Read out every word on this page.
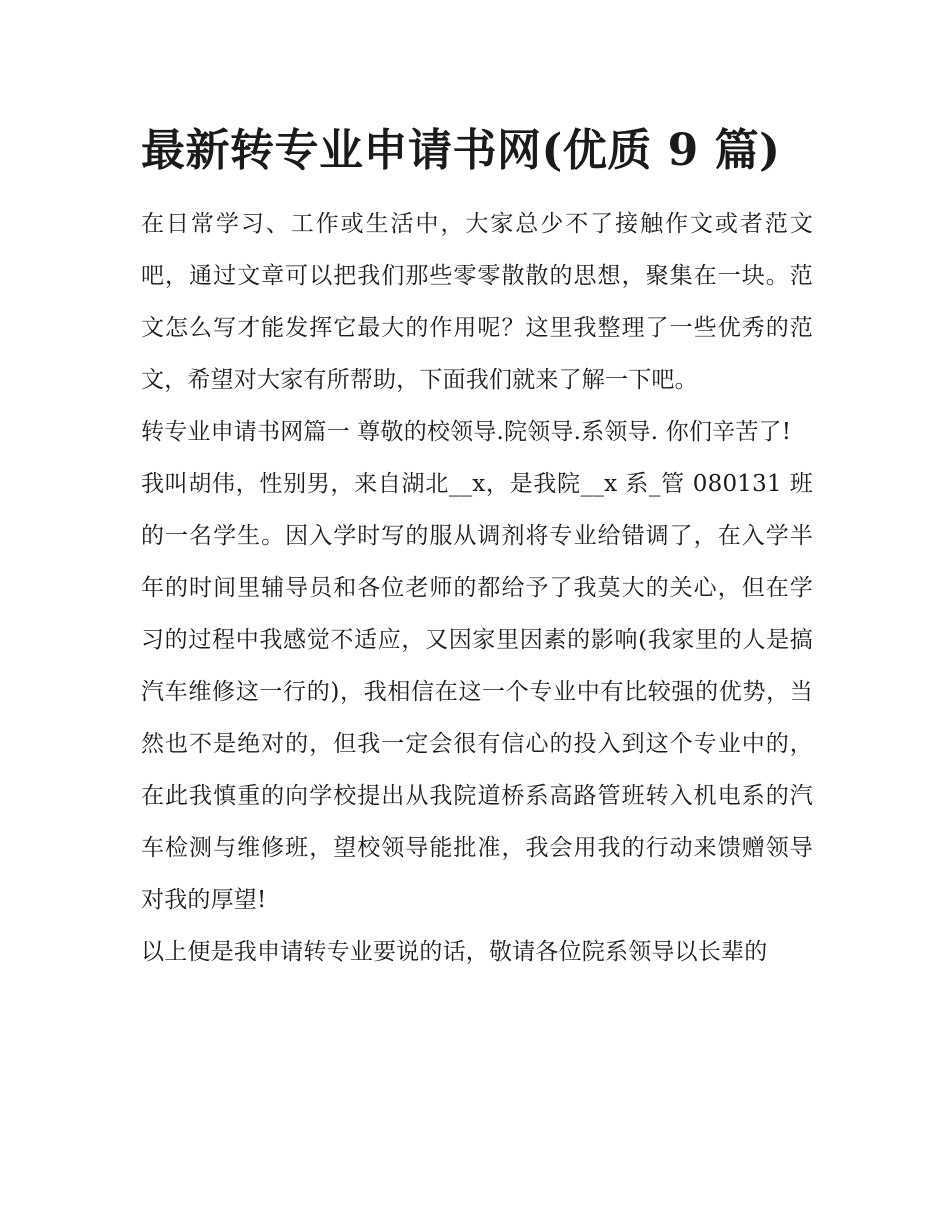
最新转专业申请书网(优质 9 篇)

在日常学习、工作或生活中，大家总少不了接触作文或者范文吧，通过文章可以把我们那些零零散散的思想，聚集在一块。范文怎么写才能发挥它最大的作用呢？这里我整理了一些优秀的范文，希望对大家有所帮助，下面我们就来了解一下吧。

转专业申请书网篇一 尊敬的校领导.院领导.系领导. 你们辛苦了!

我叫胡伟，性别男，来自湖北__x，是我院__x 系_管 080131 班的一名学生。因入学时写的服从调剂将专业给错调了，在入学半年的时间里辅导员和各位老师的都给予了我莫大的关心，但在学习的过程中我感觉不适应，又因家里因素的影响(我家里的人是搞汽车维修这一行的)，我相信在这一个专业中有比较强的优势，当然也不是绝对的，但我一定会很有信心的投入到这个专业中的，在此我慎重的向学校提出从我院道桥系高路管班转入机电系的汽车检测与维修班，望校领导能批准，我会用我的行动来馈赠领导对我的厚望!

以上便是我申请转专业要说的话，敬请各位院系领导以长辈的
